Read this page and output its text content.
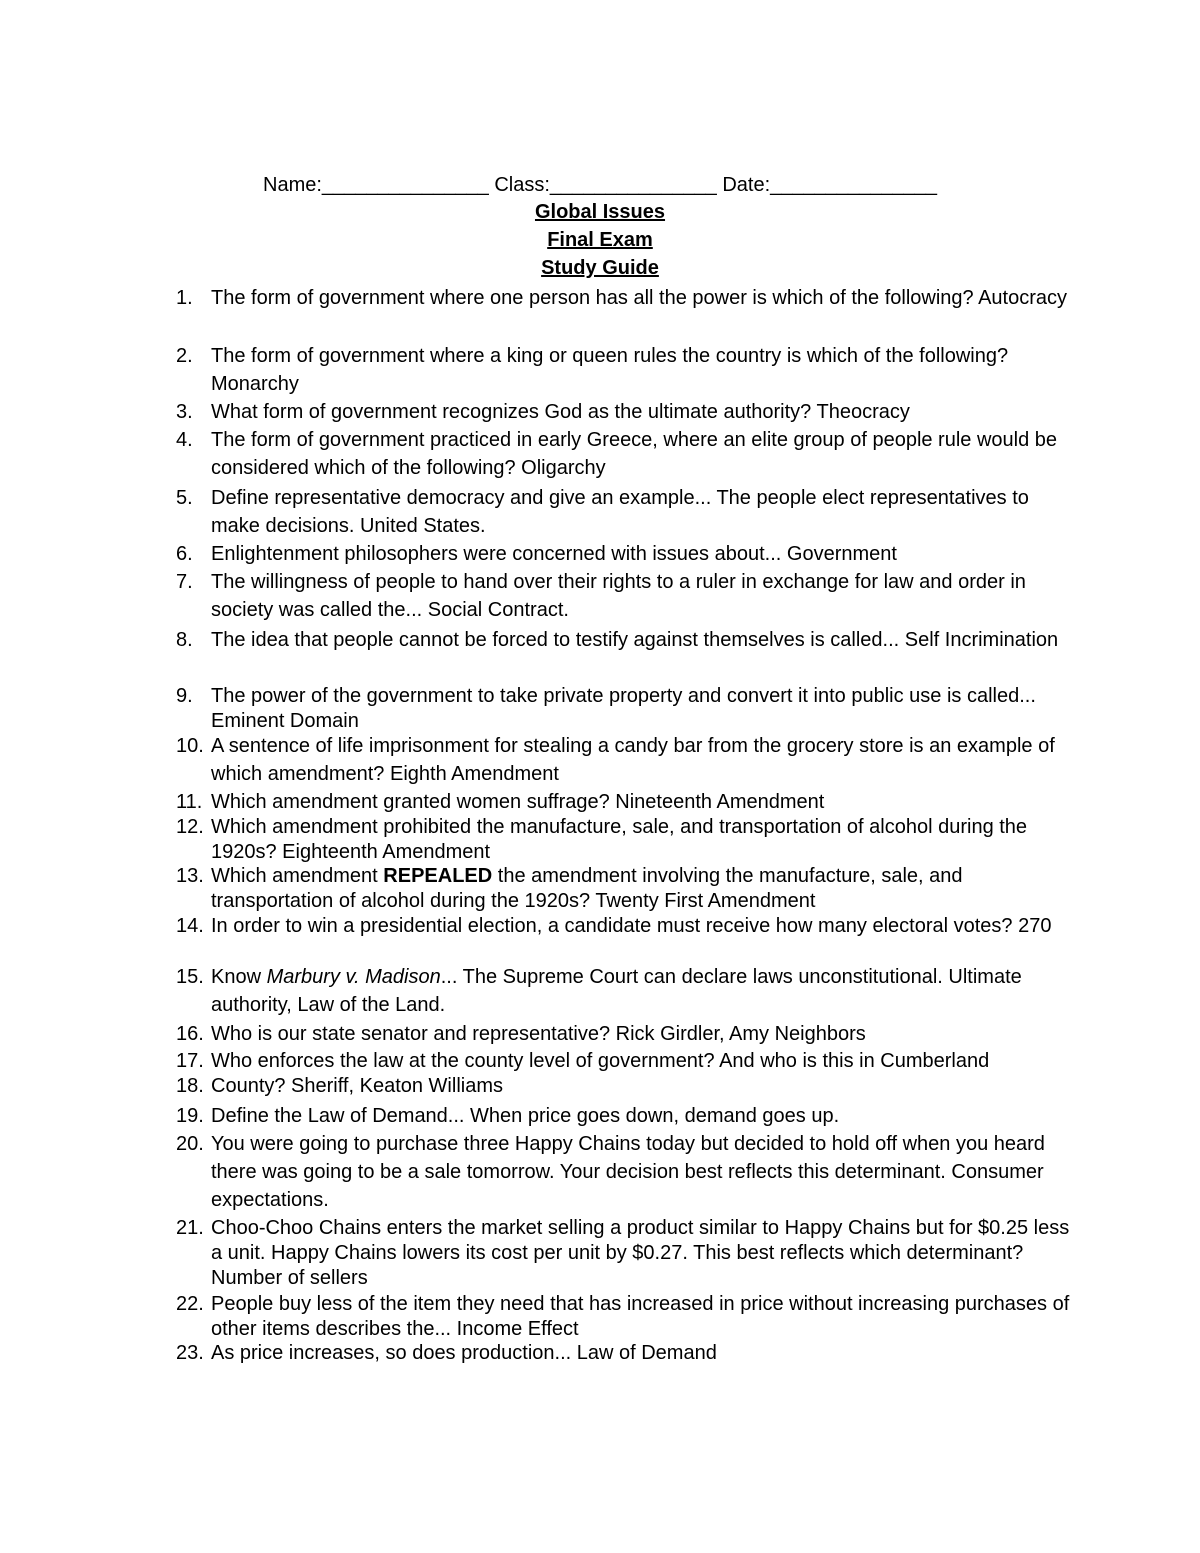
Name:_______________ Class:_______________ Date:_______________
Global Issues
Final Exam
Study Guide
1. The form of government where one person has all the power is which of the following? Autocracy
2. The form of government where a king or queen rules the country is which of the following? Monarchy
3. What form of government recognizes God as the ultimate authority? Theocracy
4. The form of government practiced in early Greece, where an elite group of people rule would be considered which of the following? Oligarchy
5. Define representative democracy and give an example... The people elect representatives to make decisions. United States.
6. Enlightenment philosophers were concerned with issues about... Government
7. The willingness of people to hand over their rights to a ruler in exchange for law and order in society was called the... Social Contract.
8. The idea that people cannot be forced to testify against themselves is called... Self Incrimination
9. The power of the government to take private property and convert it into public use is called... Eminent Domain
10. A sentence of life imprisonment for stealing a candy bar from the grocery store is an example of which amendment? Eighth Amendment
11. Which amendment granted women suffrage? Nineteenth Amendment
12. Which amendment prohibited the manufacture, sale, and transportation of alcohol during the 1920s? Eighteenth Amendment
13. Which amendment REPEALED the amendment involving the manufacture, sale, and transportation of alcohol during the 1920s? Twenty First Amendment
14. In order to win a presidential election, a candidate must receive how many electoral votes? 270
15. Know Marbury v. Madison... The Supreme Court can declare laws unconstitutional. Ultimate authority, Law of the Land.
16. Who is our state senator and representative? Rick Girdler, Amy Neighbors
17. Who enforces the law at the county level of government? And who is this in Cumberland
18. County? Sheriff, Keaton Williams
19. Define the Law of Demand... When price goes down, demand goes up.
20. You were going to purchase three Happy Chains today but decided to hold off when you heard there was going to be a sale tomorrow. Your decision best reflects this determinant. Consumer expectations.
21. Choo-Choo Chains enters the market selling a product similar to Happy Chains but for $0.25 less a unit. Happy Chains lowers its cost per unit by $0.27. This best reflects which determinant? Number of sellers
22. People buy less of the item they need that has increased in price without increasing purchases of other items describes the... Income Effect
23. As price increases, so does production... Law of Demand
